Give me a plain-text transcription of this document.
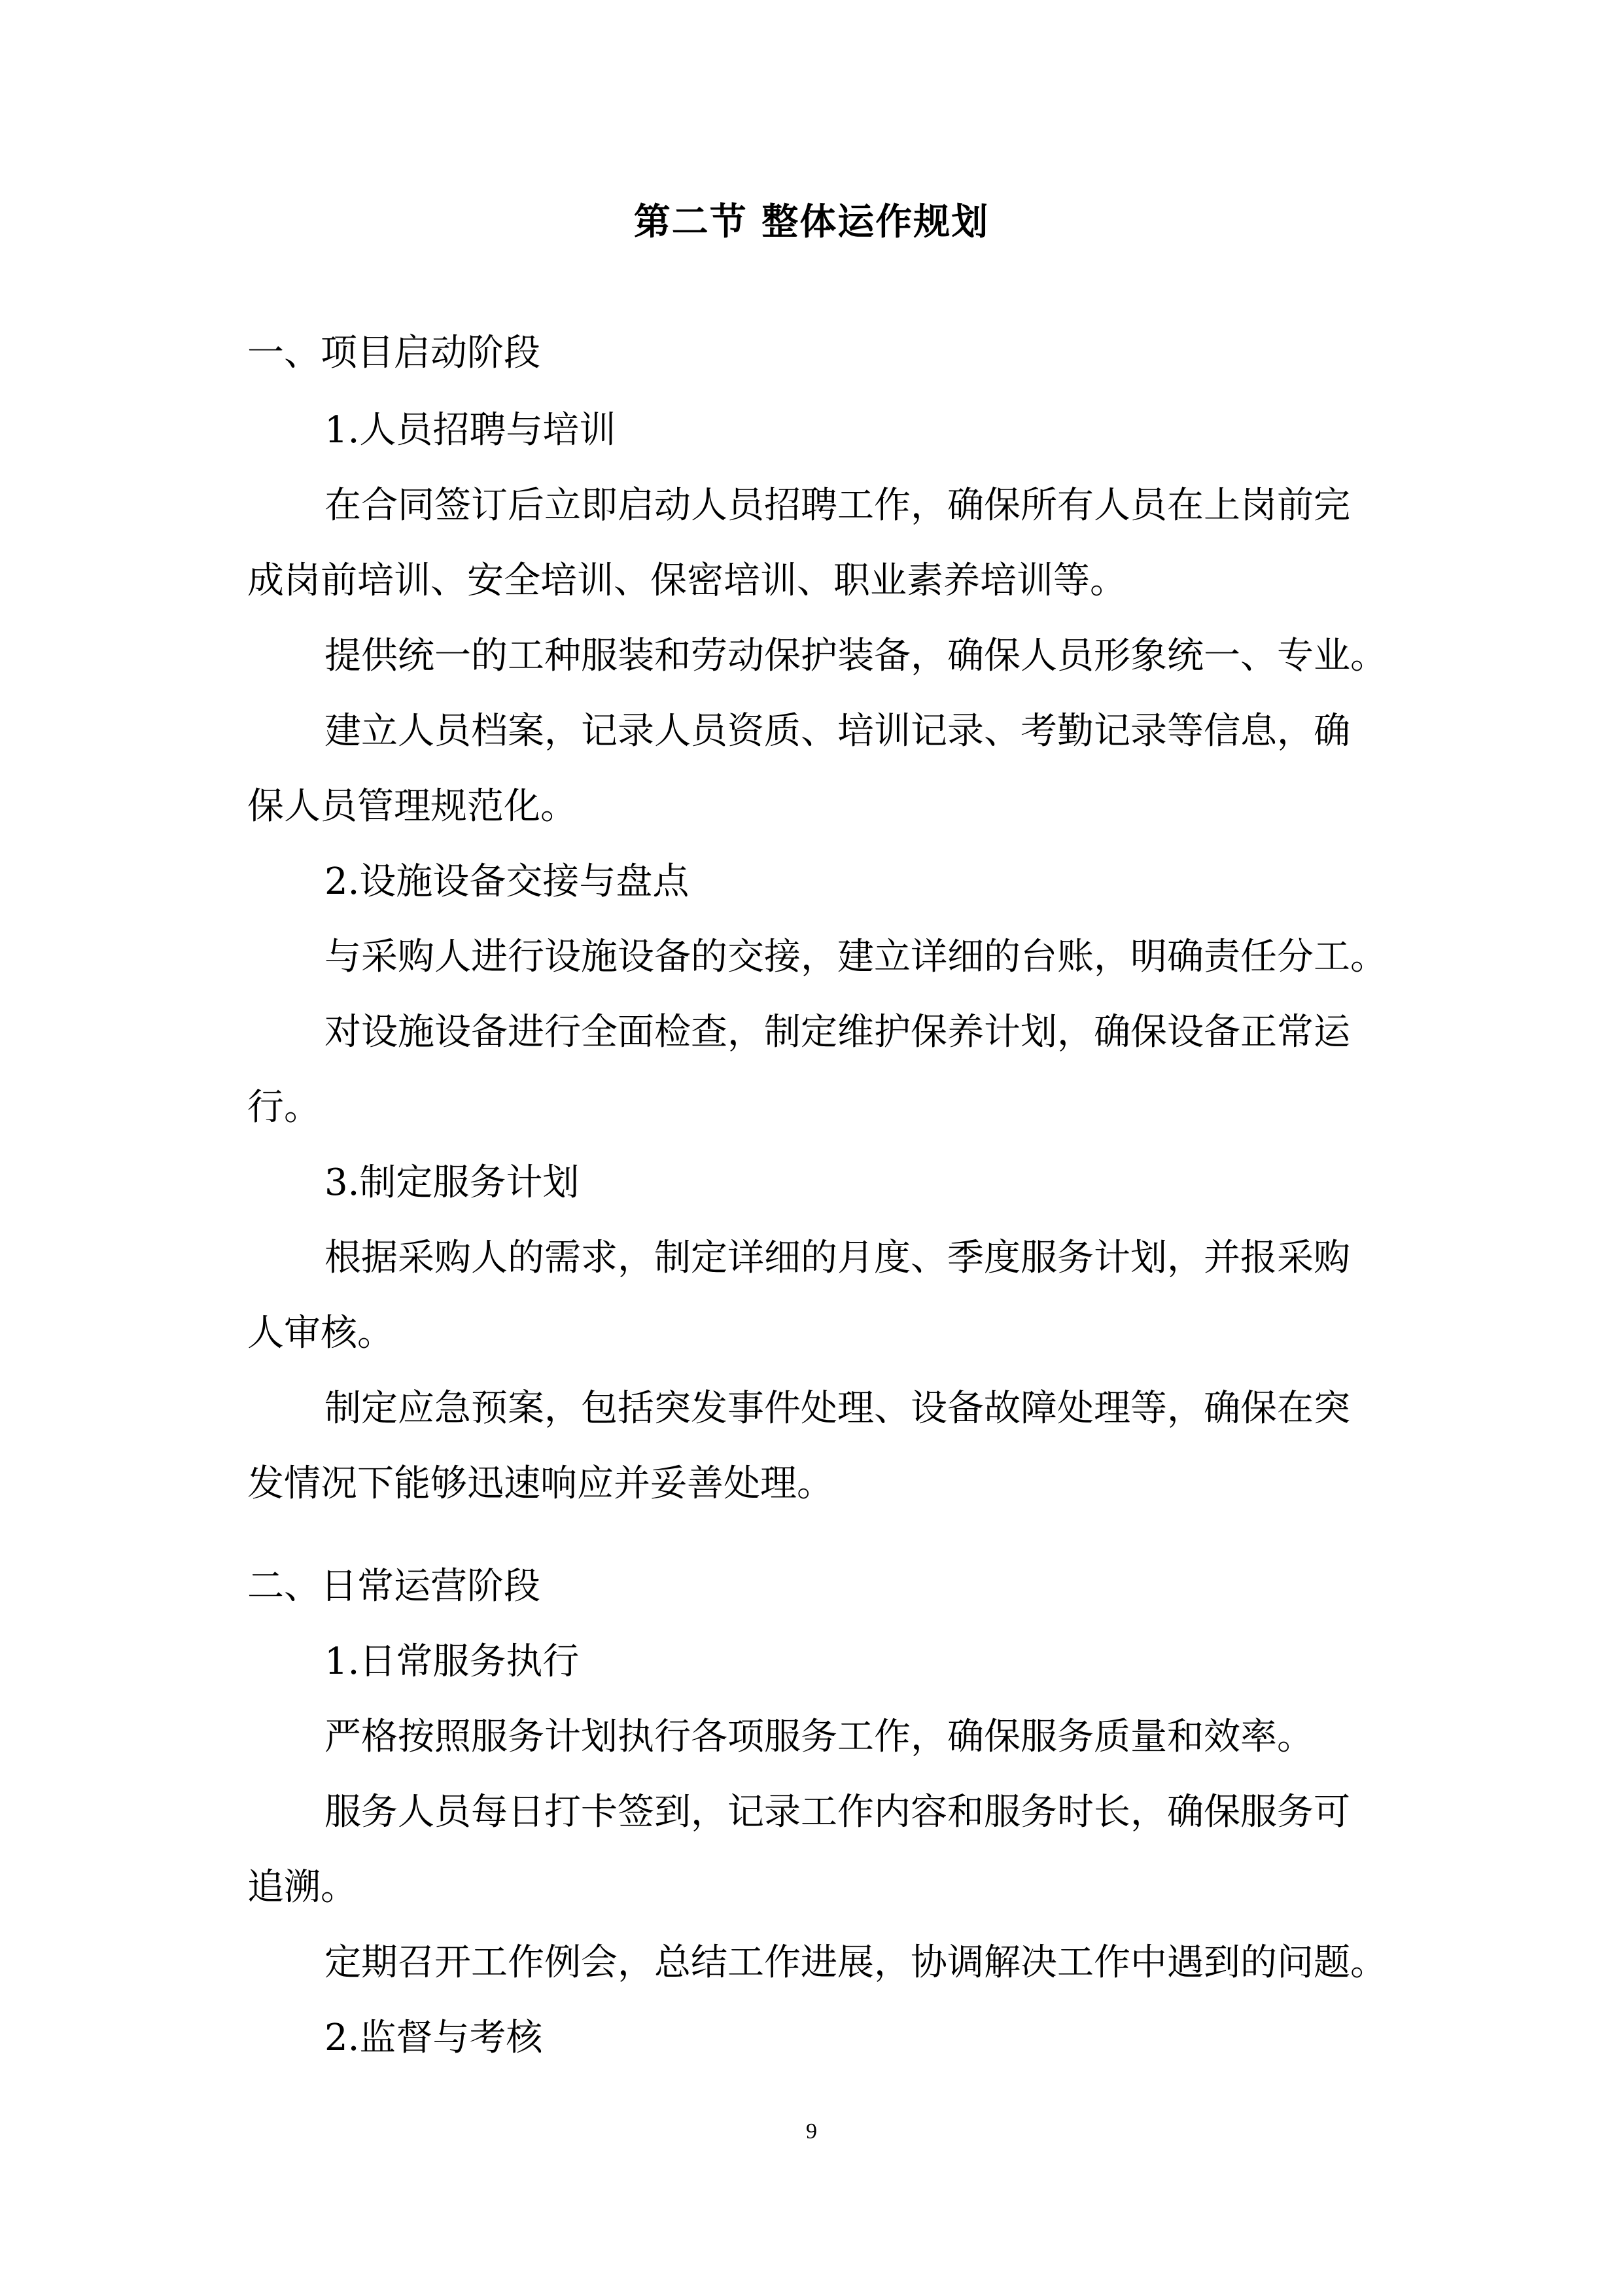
第二节 整体运作规划
一、项目启动阶段
1.人员招聘与培训
在合同签订后立即启动人员招聘工作，确保所有人员在上岗前完
成岗前培训、安全培训、保密培训、职业素养培训等。
提供统一的工种服装和劳动保护装备，确保人员形象统一、专业。
建立人员档案，记录人员资质、培训记录、考勤记录等信息，确
保人员管理规范化。
2.设施设备交接与盘点
与采购人进行设施设备的交接，建立详细的台账，明确责任分工。
对设施设备进行全面检查，制定维护保养计划，确保设备正常运
行。
3.制定服务计划
根据采购人的需求，制定详细的月度、季度服务计划，并报采购
人审核。
制定应急预案，包括突发事件处理、设备故障处理等，确保在突
发情况下能够迅速响应并妥善处理。
二、日常运营阶段
1.日常服务执行
严格按照服务计划执行各项服务工作，确保服务质量和效率。
服务人员每日打卡签到，记录工作内容和服务时长，确保服务可
追溯。
定期召开工作例会，总结工作进展，协调解决工作中遇到的问题。
2.监督与考核
9
